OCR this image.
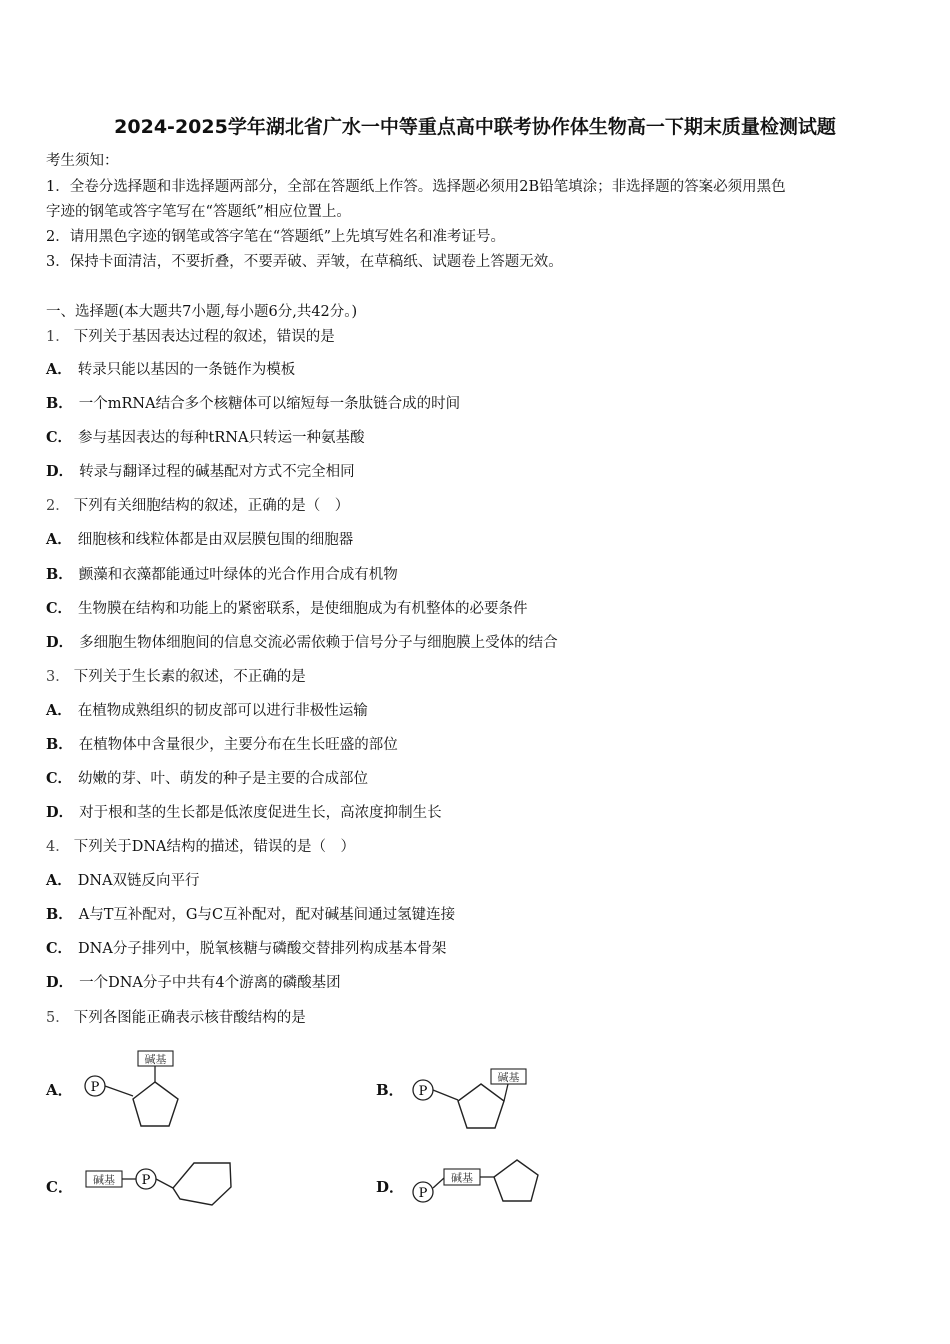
2024-2025学年湖北省广水一中等重点高中联考协作体生物高一下期末质量检测试题
考生须知：
1．全卷分选择题和非选择题两部分，全部在答题纸上作答。选择题必须用2B铅笔填涂；非选择题的答案必须用黑色
字迹的钢笔或答字笔写在“答题纸”相应位置上。
2．请用黑色字迹的钢笔或答字笔在“答题纸”上先填写姓名和准考证号。
3．保持卡面清洁，不要折叠，不要弄破、弄皱，在草稿纸、试题卷上答题无效。
一、选择题(本大题共7小题,每小题6分,共42分。)
1． 下列关于基因表达过程的叙述，错误的是
A． 转录只能以基因的一条链作为模板
B． 一个mRNA结合多个核糖体可以缩短每一条肽链合成的时间
C． 参与基因表达的每种tRNA只转运一种氨基酸
D． 转录与翻译过程的碱基配对方式不完全相同
2． 下列有关细胞结构的叙述，正确的是（　）
A． 细胞核和线粒体都是由双层膜包围的细胞器
B． 颤藻和衣藻都能通过叶绿体的光合作用合成有机物
C． 生物膜在结构和功能上的紧密联系，是使细胞成为有机整体的必要条件
D． 多细胞生物体细胞间的信息交流必需依赖于信号分子与细胞膜上受体的结合
3． 下列关于生长素的叙述，不正确的是
A． 在植物成熟组织的韧皮部可以进行非极性运输
B． 在植物体中含量很少，主要分布在生长旺盛的部位
C． 幼嫩的芽、叶、萌发的种子是主要的合成部位
D． 对于根和茎的生长都是低浓度促进生长，高浓度抑制生长
4． 下列关于DNA结构的描述，错误的是（　）
A． DNA双链反向平行
B． A与T互补配对，G与C互补配对，配对碱基间通过氢键连接
C． DNA分子排列中，脱氧核糖与磷酸交替排列构成基本骨架
D． 一个DNA分子中共有4个游离的磷酸基团
5． 下列各图能正确表示核苷酸结构的是
A． P
碱基
B． P
碱基
C． 碱基 P	D． P
碱基
